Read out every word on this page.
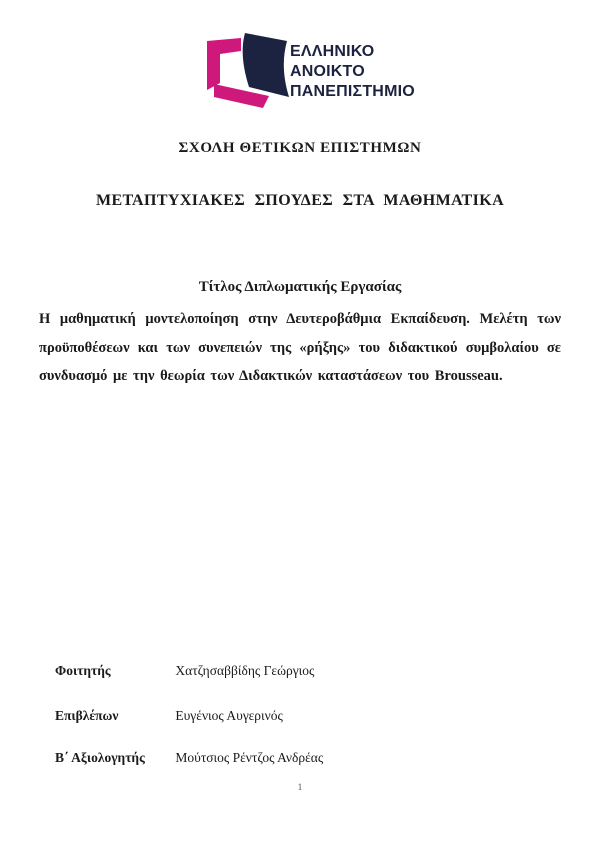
ΕΛΛΗΝΙΚΟ
ΑΝΟΙΚΤΟ
ΠΑΝΕΠΙΣΤΗΜΙΟ
ΣΧΟΛΗ ΘΕΤΙΚΩΝ ΕΠΙΣΤΗΜΩΝ
ΜΕΤΑΠΤΥΧΙΑΚΕΣ ΣΠΟΥΔΕΣ ΣΤΑ ΜΑΘΗΜΑΤΙΚΑ
Τίτλος Διπλωματικής Εργασίας

Η μαθηματική μοντελοποίηση στην Δευτεροβάθμια Εκπαίδευση. Μελέτη των προϋποθέσεων και των συνεπειών της «ρήξης» του διδακτικού συμβολαίου σε συνδυασμό με την θεωρία των Διδακτικών καταστάσεων του Brousseau.

Φοιτητής	Χατζησαββίδης Γεώργιος
Επιβλέπων	Ευγένιος Αυγερινός
Β΄ Αξιολογητής Μούτσιος Ρέντζος Ανδρέας
1
